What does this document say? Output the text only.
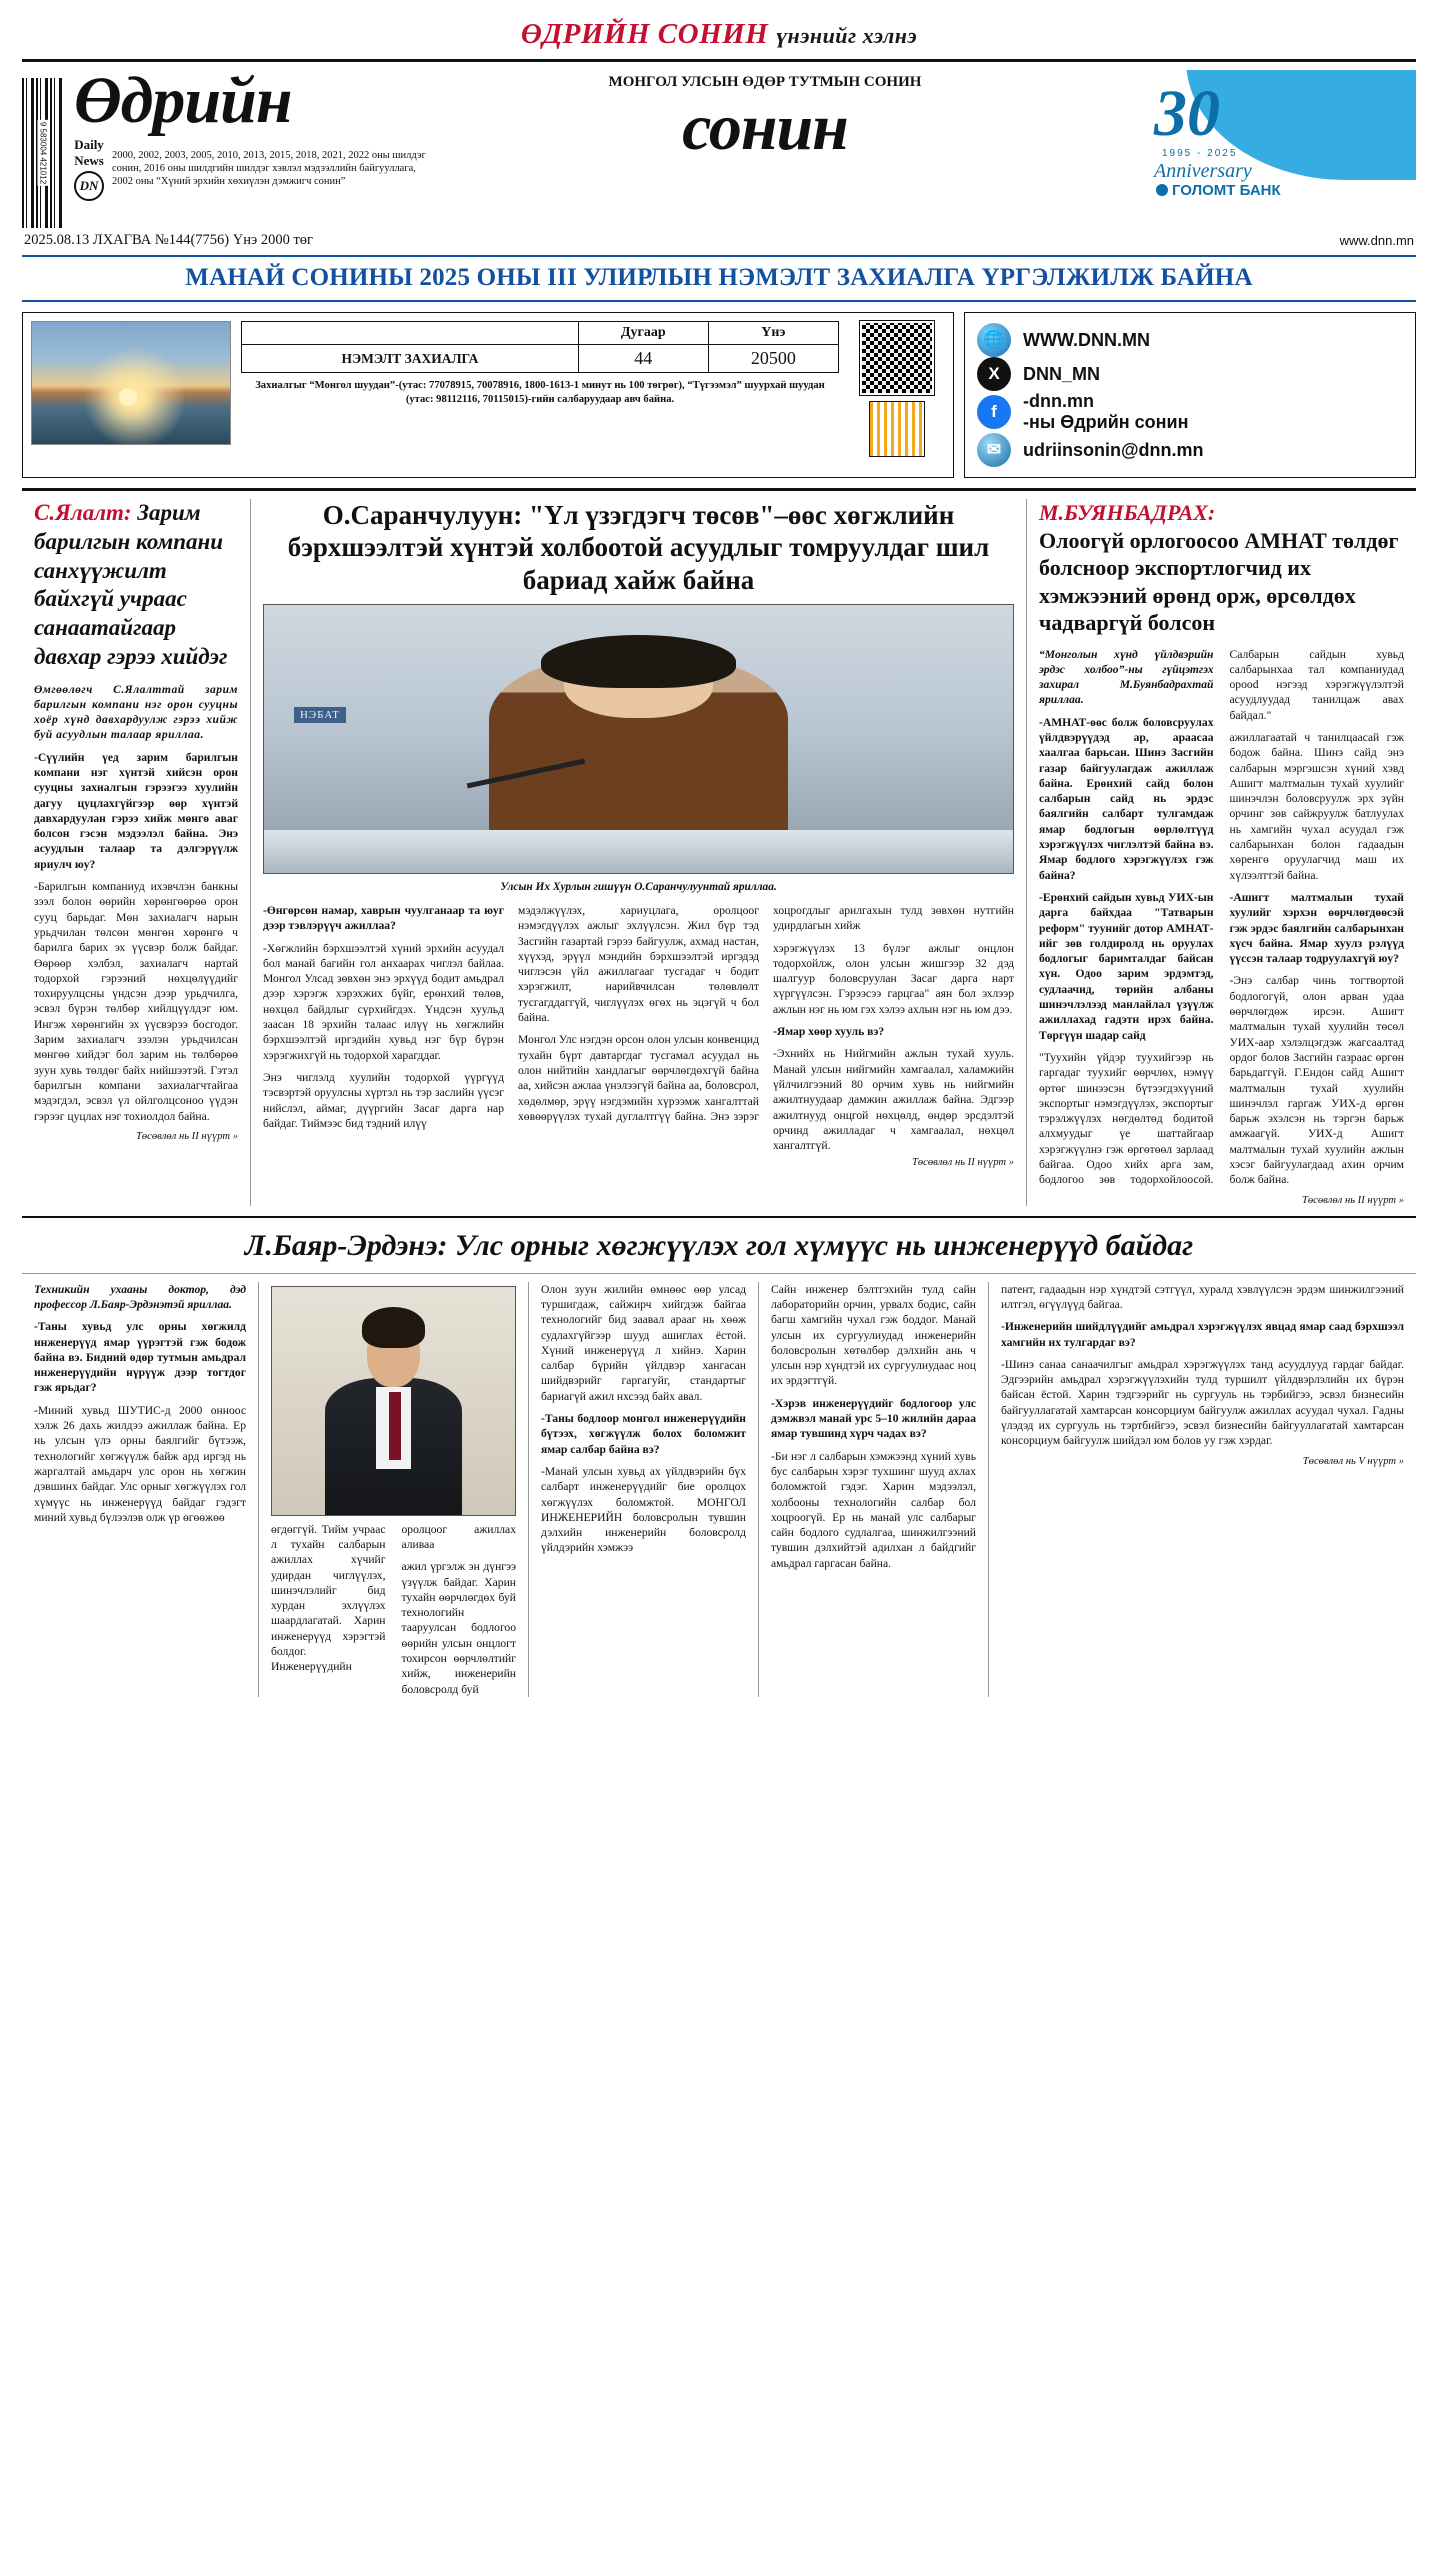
ӨДРИЙН СОНИН үнэнийг хэлнэ
9 583004 421012
Өдрийн
Daily News
DN
2000, 2002, 2003, 2005, 2010, 2013, 2015, 2018, 2021, 2022 оны шилдэг сонин, 2016 оны шилдгийн шилдэг хэвлэл мэдээллийн байгууллага, 2002 оны “Хүний эрхийн хөхиүлэн дэмжигч сонин”
МОНГОЛ УЛСЫН ӨДӨР ТУТМЫН СОНИН
сонин	30
1995 - 2025
Anniversary
ГОЛОМТ БАНК
2025.08.13 ЛХАГВА №144(7756) Үнэ 2000 төг	www.dnn.mn
МАНАЙ СОНИНЫ 2025 ОНЫ III УЛИРЛЫН НЭМЭЛТ ЗАХИАЛГА ҮРГЭЛЖИЛЖ БАЙНА
	Дугаар	Үнэ
НЭМЭЛТ ЗАХИАЛГА	44	20500
Захиалгыг “Монгол шуудан”-(утас: 77078915, 70078916, 1800-1613-1 минут нь 100 төгрөг), “Түгээмэл” шуурхай шуудан (утас: 98112116, 70115015)-гийн салбаруудаар авч байна.
🌐	WWW.DNN.MN
X	DNN_MN
f
-dnn.mn
-ны Өдрийн сонин
✉	udriinsonin@dnn.mn
С.Ялалт: Зарим барилгын компани санхүүжилт байхгүй учраас санаатайгаар давхар гэрээ хийдэг

Өмгөөлөгч С.Ялалттай зарим барилгын компани нэг орон сууцны хоёр хүнд давхардуулж гэрээ хийж буй асуудлын талаар яриллаа.

-Сүүлийн үед зарим барилгын компани нэг хүнтэй хийсэн орон сууцны захиалгын гэрээгээ хуулийн дагуу цуцлахгүйгээр өөр хүнтэй давхардуулан гэрээ хийж мөнгө аваг болсон гэсэн мэдээлэл байна. Энэ асуудлын талаар та дэлгэрүүлж яриулч юу?

-Барилгын компаниуд ихэвчлэн банкны зээл болон өөрийн хөрөнгөөрөө орон сууц барьдаг. Мөн захиалагч нарын урьдчилан төлсөн мөнгөн хөрөнгө ч барилга барих эх үүсвэр болж байдаг. Өөрөөр хэлбэл, захиалагч нартай тодорхой гэрээний нөхцөлүүдийг тохируулцсны үндсэн дээр урьдчилга, эсвэл бүрэн төлбөр хийлцүүлдэг юм. Ингэж хөрөнгийн эх үүсвэрээ босгодог. Зарим захиалагч зээлэн урьдчилсан мөнгөө хийдэг бол зарим нь төлбөрөө зуун хувь төлдөг байх нийшээтэй. Гэтэл барилгын компани захиалагчтайгаа мэдэгдэл, эсвэл үл ойлголцсоноо үүдэн гэрээг цуцлах нэг тохиолдол байна.

Төсөвлөл нь II нүүрт »
О.Саранчулуун: "Үл үзэгдэгч төсөв"–өөс хөгжлийн бэрхшээлтэй хүнтэй холбоотой асуудлыг томруулдаг шил бариад хайж байна
НЭБАТ
Улсын Их Хурлын гишүүн О.Саранчулуунтай яриллаа.

-Өнгөрсөн намар, хаврын чуулганаар та юуг дээр тэвлэрүүч ажиллаа?

-Хөгжлийн бэрхшээлтэй хүний эрхийн асуудал бол манай багийн гол анхаарах чиглэл байлаа. Монгол Улсад зөвхөн энэ эрхүүд бодит амьдрал дээр хэрэгж хэрэхжих бүйг, ерөнхий төлөв, нөхцөл байдлыг сүрхийгдэх. Үндсэн хуульд заасан 18 эрхийн талаас илүү нь хөгжлийн бэрхшээлтэй иргэдийн хувьд нэг бүр бүрэн хэрэгжихгүй нь тодорхой харагддаг.

Энэ чиглэлд хуулийн тодорхой үүргүүд тэсвэртэй оруулсны хүртэл нь тэр заслийн үүсэг нийслэл, аймаг, дүүргийн Засаг дарга нар байдаг. Тиймээс бид тэдний илүү

мэдэлжүүлэх, хариуцлага, оролцоог нэмэгдүүлэх ажлыг эхлүүлсэн. Жил бүр тэд Засгийн газартай гэрээ байгуулж, ахмад настан, хүүхэд, эрүүл мэндийн бэрхшээлтэй иргэдэд чиглэсэн үйл ажиллагааг тусгадаг ч бодит хэрэгжилт, нарийвчилсан төлөвлөлт тусгагддаггүй, чиглүүлэх өгөх нь эцэгүй ч бол байна.

Монгол Улс нэгдэн орсон олон улсын конвенцид тухайн бүрт давтаргдаг тусгамал асуудал нь олон нийтийн хандлагыг өөрчлөгдөхгүй байна аа, хийсэн ажлаа үнэлээгүй байна аа, боловсрол, хөдөлмөр, эрүү нэгдэмийн хүрээмж хангалттай хөвөөрүүлэх тухай дуглалтгүү байна. Энэ зэрэг хоцрогдлыг арилгахын тулд зөвхөн нутгийн удирдлагын хийж

хэрэгжүүлэх 13 бүлэг ажлыг онцлон тодорхойлж, олон улсын жишгээр 32 дэд шалгуур боловсруулан Засаг дарга нарт хүргүүлсэн. Гэрээсээ гарцгаа" аян бол эхлээр ажлын нэг нь юм гэх хэлээ ахлын нэг нь юм дээ.

-Ямар хөөр хууль вэ?

-Эхнийх нь Нийгмийн ажлын тухай хууль. Манай улсын нийгмийн хамгаалал, халамжийн үйлчилгээний 80 орчим хувь нь нийгмийн ажилтнуудаар дамжин ажиллаж байна. Эдгээр ажилтнууд онцгой нөхцөлд, өндөр эрсдэлтэй орчинд ажилладаг ч хамгаалал, нөхцөл хангалтгүй.

Төсөвлөл нь II нүүрт »
М.БУЯНБАДРАХ:
Олоогүй орлогоосоо АМНАТ төлдөг болсноор экспортлогчид их хэмжээний өрөнд орж, өрсөлдөх чадваргүй болсон

“Монголын хүнд үйлдвэрийн эрдэс холбоо”-ны гүйцэтгэх захирал М.Буянбадрахтай яриллаа.

-АМНАТ-өөс болж боловсруулах үйлдвэрүүдэд ар, араасаа хаалгаа барьсан. Шинэ Засгийн газар байгуулагдаж ажиллаж байна. Ерөнхий сайд болон салбарын сайд нь эрдэс баялгийн салбарт тулгамдаж ямар бодлогын өөрлөлтүүд хэрэгжүүлэх чиглэлтэй байна вэ. Ямар бодлого хэрэгжүүлэх гэж байна?

-Ерөнхий сайдын хувьд УИХ-ын дарга байхдаа "Татварын реформ" туунийг дотор АМНАТ-ийг зөв голдиролд нь оруулах бодлогыг баримталдаг байсан хүн. Одоо зарим эрдэмтэд, судлаачид, төрийн албаны шинэчлэлээд манлайлал үзүүлж ажиллахад гадэтн ирэх байна. Төргүүн шадар сайд

"Тууxийн үйдэр туухийгээр нь гаргадаг туухийг өөрчлөх, нэмүү өртөг шинээсэн бүтээгдэхүүний экспортыг нэмэгдүүлэх, экспортыг тэрэлжүүлэх нөгдөлтөд бодитой алхмуудыг үе шаттайгаар хэрэгжүүлнэ гэж өргөтөөл зарлаад байгаа. Одоо хийх арга зам, бодлогоо зөв тодорхойлоосой. Салбарын сайдын хувьд салбарынхаа тал компаниудад орood нэгээд хэрэгжүүлэлтэй асуудлуудад танилцаж авах байдал."

ажиллагаатай ч танилцаасай гэж бодож байна. Шинэ сайд энэ салбарын мэргэшсэн хүний хэвд Ашигт малтмалын тухай хуулийг шинэчлэн боловсруулж эрх зүйн орчинг зөв сайжруулж батлуулах нь хамгийн чухал асуудал гэж салбарынхан болон гадаадын хөренгө оруулагчид маш их хүлээлттэй байна.

-Ашигт малтмалын тухай хуулийг хэрхэн өөрчлөгдөөсэй гэж эрдэс баялгийн салбарынхан хүсч байна. Ямар хуулз рэлүүд үүссэн талаар тодруулахгүй юу?

-Энэ салбар чинь тогтвортой бодлогогүй, олон арван удаа өөрчлөгдөж ирсэн. Ашигт малтмалын тухай хуулийн төсөл УИХ-аар хэлэлцэгдэж жагсаалтад ордог болов Засгийн газраас өргөн барьдаггүй. Г.Ендон сайд Ашигт малтмалын тухай хуулийн шинэчлэл гаргаж УИХ-д өргөн барьж эхэлсэн нь тэргэн барьж амжаагүй. УИХ-д Ашигт малтмалын тухай хуулийн ажлын хэсэг байгуулагдаад ахин орчим болж байна.

Төсөвлөл нь II нүүрт »
Л.Баяр-Эрдэнэ: Улс орныг хөгжүүлэх гол хүмүүс нь инженерүүд байдаг

Техникийн ухааны доктор, дэд профессор Л.Баяр-Эрдэнэтэй яриллаа.

-Таны хувьд улс орны хөгжилд инженерүүд ямар үүрэгтэй гэж бодож байна вэ. Бидний өдөр тутмын амьдрал инженерүүдийн нүрүүж дээр тогтдог гэж ярьдаг?

-Миний хувьд ШУТИС-д 2000 онноос хэлж 26 дахь жилдээ ажиллаж байна. Ер нь улсын үлэ орны баялгийг бүтээж, технологийг хөгжүүлж байж ард иргэд нь жаргалтай амьдарч улс орон нь хөгжин дэвшинх байдаг. Улс орныг хөгжүүлэх гол хүмүүс нь инженерүүд байдаг гэдэгт миний хувьд бүлээлэв олж үр өгөөжөө

өгдөггүй. Тийм учраас л тухайн салбарын ажиллах хүчийг удирдан чиглүүлэх, шинэчлэлийг бид хурдан эхлүүлэх шаардлагатай. Харин инженерүүд хэрэгтэй болдог. Инженерүүдийн оролцоог ажиллах аливаа

ажил үргэлж эн дүнгээ үзүүлж байдаг. Харин тухайн өөрчлөгдөх буй технологийн тааруулсан бодлогоо өөрийн улсын онцлогт тохирсон өөрчлөлтийг хийж, инженерийн боловсролд буй

Олон зуун жилийн өмнөөс өөр улсад туршигдаж, сайжирч хийгдэж байгаа технологийг бид заавал арааг нь хөөж судлахгүйгээр шууд ашиглах ёстой. Хүний инженерүүд л хийнэ. Харин салбар бүрийн үйлдвэр хангасан шийдвэрийг гаргагуйг, стандартыг бариагүй ажил нхсээд байх авал.

-Таны бодлоор монгол инженерүүдийн бүтээх, хөгжүүлж болох боломжит ямар салбар байна вэ?

-Манай улсын хувьд ах үйлдвэрийн бүх салбарт инженерүүдийг бие оролцох хөгжүүлэх боломжтой. МОНГОЛ ИНЖЕНЕРИЙН боловсролын тувшин дэлхийн инженерийн боловсролд үйлдэрийн хэмжээ

Сайн инженер бэлтгэхийн тулд сайн лабораторийн орчин, урвалх бодис, сайн багш хамгийн чухал гэж боддог. Манай улсын их сургуулиудад инженерийн боловсролын хөтөлбөр дэлхийн ань ч улсын нэр хүндтэй их сургуулиудаас ноц их эрдэгтгүй.

-Хэрэв инженерүүдийг бодлогоор улс дэмжвэл манай урс 5–10 жилийн дараа ямар тувшинд хүрч чадах вэ?

-Би нэг л салбарын хэмжээнд хүний хувь бус салбарын хэрэг тухшинг шууд ахлах боломжтой гэдэг. Харин мэдээлэл, холбооны технологийн салбар бол хоцроогүй. Ер нь манай улс салбарыг сайн бодлого судлалгаа, шинжилгээний тувшин дэлхийтэй адилхан л байдгийг амьдрал гаргасан байна.

патент, гадаадын нэр хүндтэй сэтгүүл, хуралд хэвлүүлсэн эрдэм шинжилгээний илтгэл, өгүүлүүд байгаа.

-Инженерийн шийдлүүдийг амьдрал хэрэгжүүлэх явцад ямар саад бэрхшээл хамгийн их тулгардаг вэ?

-Шинэ санаа санаачилгыг амьдрал хэрэгжүүлэх танд асуудлууд гардаг байдаг. Эдгээрийн амьдрал хэрэгжүүлэхийн тулд туршилт үйлдвэрлэлийн их бүрэн байсан ёстой. Харин тэдгээрийг нь сургууль нь тэрбийгээ, эсвэл бизнесийн байгууллагатай хамтарсан консорциум байгуулж ажиллах асуудал чухал. Гадны үлэдэд их сургууль нь тэртбийгээ, эсвэл бизнесийн байгууллагатай хамтарсан консорциум байгуулж шийдэл юм болов уу гэж хэрдаг.

Төсөвлөл нь V нүүрт »
